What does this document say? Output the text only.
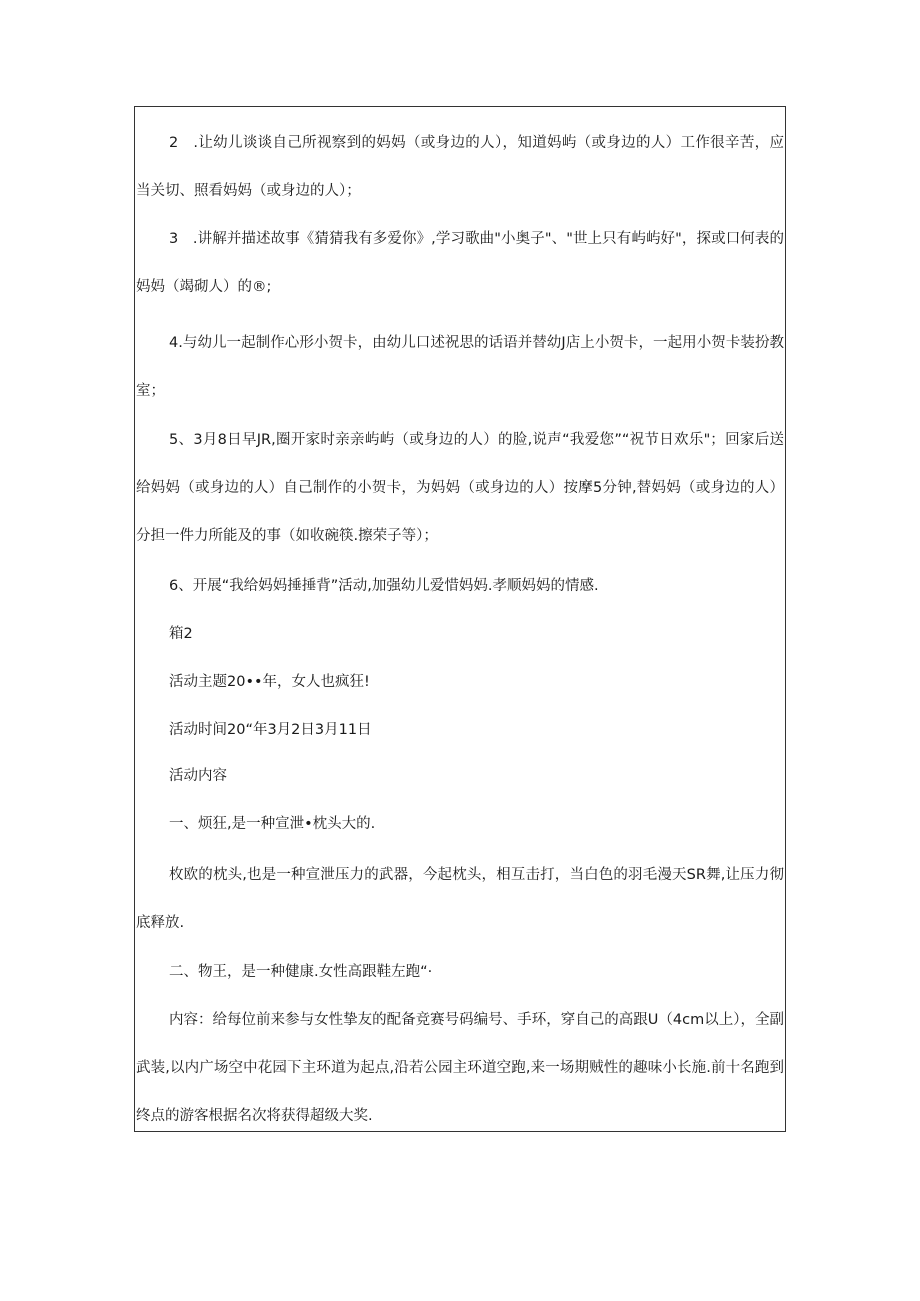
2　.让幼儿谈谈自己所视察到的妈妈（或身边的人），知道妈屿（或身边的人）工作很辛苦，应当关切、照看妈妈（或身边的人）；

3　.讲解并描述故事《猜猜我有多爱你》,学习歌曲"小奥子"、"世上只有屿屿好"，探或口何表的妈妈（竭砌人）的®;

4.与幼儿一起制作心形小贺卡，由幼儿口述祝思的话语并替幼J店上小贺卡，一起用小贺卡装扮教室；

5、3月8日早JR,圈开家时亲亲屿屿（或身边的人）的脸,说声“我爱您”“祝节日欢乐"；回家后送给妈妈（或身边的人）自己制作的小贺卡，为妈妈（或身边的人）按摩5分钟,替妈妈（或身边的人）分担一件力所能及的事（如收碗筷.擦荣子等）；

6、开展“我给妈妈捶捶背”活动,加强幼儿爱惜妈妈.孝顺妈妈的情感.

箱2

活动主题20••年，女人也疯狂!

活动时间20“年3月2日3月11日

活动内容

一、烦狂,是一种宣泄•枕头大的.

枚欧的枕头,也是一种宣泄压力的武器，今起枕头，相互击打，当白色的羽毛漫天SR舞,让压力彻底释放.

二、物王，是一种健康.女性高跟鞋左跑“·

内容：给每位前来参与女性挚友的配备竞赛号码编号、手环，穿自己的高跟U（4cm以上），全副武装,以内广场空中花园下主环道为起点,沿若公园主环道空跑,来一场期贼性的趣味小长施.前十名跑到终点的游客根据名次将获得超级大奖.
